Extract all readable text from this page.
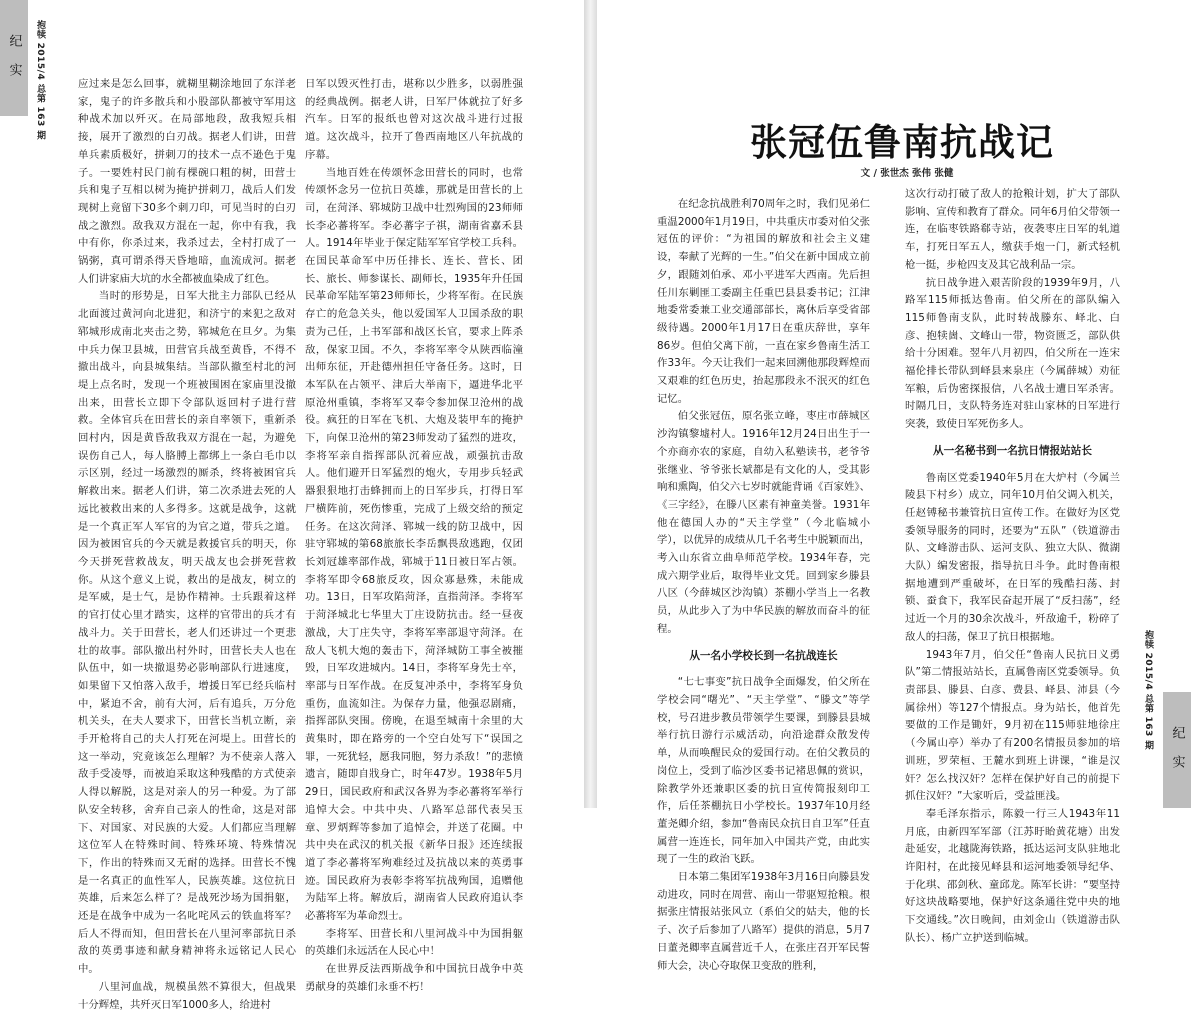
纪 实	抱犊 2015/4 总第 163 期	应过来是怎么回事，就糊里糊涂地回了东洋老家，鬼子的许多散兵和小股部队都被守军用这种战术加以歼灭。在局部地段，敌我短兵相接，展开了激烈的白刃战。据老人们讲，田营单兵素质极好，拼刺刀的技术一点不逊色于鬼子。一要姓村民门前有棵碗口粗的树，田营士兵和鬼子互相以树为掩护拼刺刀，战后人们发现树上竟留下30多个刺刀印，可见当时的白刃战之激烈。敌我双方混在一起，你中有我，我中有你，你杀过来，我杀过去，全村打成了一锅粥，真可谓杀得天昏地暗，血流成河。据老人们讲家庙大坑的水全都被血染成了红色。

当时的形势是，日军大批主力部队已经从北面渡过黄河向北进犯，和济宁的来犯之敌对郓城形成南北夹击之势，郓城危在旦夕。为集中兵力保卫县城，田营官兵战至黄昏，不得不撤出战斗，向县城集结。当部队撤至村北的河堤上点名时，发现一个班被围困在家庙里没撤出来，田营长立即下令部队返回村子进行营救。全体官兵在田营长的亲自率领下，重新杀回村内，因是黄昏敌我双方混在一起，为避免误伤自己人，每人胳膊上都绑上一条白毛巾以示区别，经过一场激烈的厮杀，终将被困官兵解救出来。据老人们讲，第二次杀进去死的人远比被救出来的人多得多。这就是战争，这就是一个真正军人军官的为官之道，带兵之道。因为被困官兵的今天就是救援官兵的明天，你今天拼死营救战友，明天战友也会拼死营救你。从这个意义上说，救出的是战友，树立的是军威，是士气，是协作精神。士兵跟着这样的官打仗心里才踏实，这样的官带出的兵才有战斗力。关于田营长，老人们还讲过一个更悲壮的故事。部队撤出村外时，田营长夫人也在队伍中，如一块撤退势必影响部队行进速度，如果留下又怕落入敌手，增援日军已经兵临村中，紧迫不舍，前有大河，后有追兵，万分危机关头，在夫人要求下，田营长当机立断，亲手开枪将自己的夫人打死在河堤上。田营长的这一举动，究竟该怎么理解？为不使亲人落入敌手受凌辱，而被迫采取这种残酷的方式使亲人得以解脱，这是对亲人的另一种爱。为了部队安全转移，舍弃自己亲人的性命，这是对部下、对国家、对民族的大爱。人们都应当理解这位军人在特殊时间、特殊环境、特殊情况下，作出的特殊而又无耐的选择。田营长不愧是一名真正的血性军人，民族英雄。这位抗日英雄，后来怎么样了？是战死沙场为国捐躯，还是在战争中成为一名叱咤风云的铁血将军？后人不得而知，但田营长在八里河率部抗日杀敌的英勇事迹和献身精神将永远铭记人民心中。

八里河血战，规模虽然不算很大，但战果十分辉煌，共歼灭日军1000多人，给进村

日军以毁灭性打击，堪称以少胜多，以弱胜强的经典战例。据老人讲，日军尸体就拉了好多汽车。日军的报纸也曾对这次战斗进行过报道。这次战斗，拉开了鲁西南地区八年抗战的序幕。

当地百姓在传颂怀念田营长的同时，也常传颂怀念另一位抗日英雄，那就是田营长的上司，在菏泽、郓城防卫战中壮烈殉国的23师师长李必蕃将军。李必蕃字子祺，湖南省嘉禾县人。1914年毕业于保定陆军军官学校工兵科。在国民革命军中历任排长、连长、营长、团长、旅长、师参谋长、副师长，1935年升任国民革命军陆军第23师师长，少将军衔。在民族存亡的危急关头，他以爱国军人卫国杀敌的职责为己任，上书军部和战区长官，要求上阵杀敌，保家卫国。不久，李将军率令从陕西临潼出师东征，开赴德州担任守备任务。这时，日本军队在占领平、津后大举南下，逼进华北平原沧州重镇，李将军又奉令参加保卫沧州的战役。疯狂的日军在飞机、大炮及装甲车的掩护下，向保卫沧州的第23师发动了猛烈的进攻，李将军亲自指挥部队沉着应战，顽强抗击敌人。他们避开日军猛烈的炮火，专用步兵轻武器狠狠地打击蜂拥而上的日军步兵，打得日军尸横阵前，死伤惨重，完成了上级交给的预定任务。在这次菏泽、郓城一线的防卫战中，因驻守郓城的第68旅旅长李岳飘畏敌逃跑，仅团长刘冠雄率部作战，郓城于11日被日军占领。李将军即令68旅反攻，因众寡悬殊，未能成功。13日，日军攻陷菏泽，直指菏泽。李将军于菏泽城北七华里大丁庄设防抗击。经一昼夜激战，大丁庄失守，李将军率部退守菏泽。在敌人飞机大炮的轰击下，菏泽城防工事全被摧毁，日军攻进城内。14日，李将军身先士卒，率部与日军作战。在反复冲杀中，李将军身负重伤，血流如注。为保存力量，他强忍剧痛，指挥部队突围。傍晚，在退至城南十余里的大黄集时，即在路旁的一个空白处写下“误国之罪，一死犹轻，愿我同胞，努力杀敌！”的悲愤遗言，随即自戕身亡，时年47岁。1938年5月29日，国民政府和武汉各界为李必蕃将军举行追悼大会。中共中央、八路军总部代表吴玉章、罗炳辉等参加了追悼会，并送了花圈。中共中央在武汉的机关报《新华日报》还连续报道了李必蕃将军殉难经过及抗战以来的英勇事迹。国民政府为表彰李将军抗战殉国，追赠他为陆军上将。解放后，湖南省人民政府追认李必蕃将军为革命烈士。

李将军、田营长和八里河战斗中为国捐躯的英雄们永远活在人民心中！

在世界反法西斯战争和中国抗日战争中英勇献身的英雄们永垂不朽！

张冠伍鲁南抗战记
文 / 张世杰 张伟 张健

在纪念抗战胜利70周年之时，我们见弟仁重温2000年1月19日，中共重庆市委对伯父张冠伍的评价：“为祖国的解放和社会主义建设，奉献了光辉的一生。”伯父在新中国成立前夕，跟随刘伯承、邓小平进军大西南。先后担任川东剿匪工委副主任重巴县县委书记；江津地委常委兼工业交通部部长，离休后享受省部级待遇。2000年1月17日在重庆辞世，享年86岁。但伯父离下前，一直在家乡鲁南生活工作33年。今天让我们一起来回溯他那段辉煌而又艰难的红色历史，抬起那段永不泯灭的红色记忆。

伯父张冠伍，原名张立峰，枣庄市薛城区沙沟镇黎墟村人。1916年12月24日出生于一个亦商亦农的家庭，自幼入私塾读书，老爷爷张继业、爷爷张长斌都是有文化的人，受其影响和熏陶，伯父六七岁时就能背诵《百家姓》、《三字经》，在滕八区素有神童美誉。1931年他在德国人办的“天主学堂”（今北临城小学），以优异的成绩从几千名考生中脱颖而出，考入山东省立曲阜师范学校。1934年春，完成六期学业后，取得毕业文凭。回到家乡滕县八区（今薛城区沙沟镇）茶棚小学当上一名教员，从此步入了为中华民族的解放而奋斗的征程。

从一名小学校长到一名抗战连长

“七七事变”抗日战争全面爆发，伯父所在学校会同“曙光”、“天主学堂”、“滕文”等学校，号召进步教员带领学生要课，到滕县县城举行抗日游行示威活动，向沿途群众散发传单，从而唤醒民众的爱国行动。在伯父教员的岗位上，受到了临沙区委书记褚思佩的赏识，除教学外还兼职区委的抗日宣传简报刻印工作，后任茶棚抗日小学校长。1937年10月经董尧卿介绍，参加“鲁南民众抗日自卫军”任直属营一连连长，同年加入中国共产党，由此实现了一生的政治飞跃。

日本第二集团军1938年3月16日向滕县发动进攻，同时在周营、南山一带驱短抢粮。根据张庄情报站张风立（系伯父的姑夫，他的长子、次子后参加了八路军）提供的消息，5月7日董尧卿率直属营近千人，在张庄召开军民誓师大会，决心夺取保卫变敌的胜利，

这次行动打破了敌人的抢粮计划，扩大了部队影响、宣传和教育了群众。同年6月伯父带领一连，在临枣铁路郗寺站，夜袭枣庄日军的轧道车，打死日军五人，缴获手炮一门，新式轻机枪一挺，步枪四支及其它战利品一宗。

抗日战争进入艰苦阶段的1939年9月，八路军115师抵达鲁南。伯父所在的部队编入115师鲁南支队，此时转战滕东、峄北、白彦、抱犊崮、文峰山一带，物资匮乏，部队供给十分困难。翌年八月初四，伯父所在一连宋福伦排长带队到峄县来泉庄（今属薛城）劝征军粮，后伪密探报信，八名战士遭日军杀害。时隔几日，支队特务连对驻山家林的日军进行突袭，致使日军死伤多人。

从一名秘书到一名抗日情报站站长

鲁南区党委1940年5月在大炉村（今属兰陵县下村乡）成立，同年10月伯父调入机关，任赵镈秘书兼管抗日宣传工作。在做好为区党委领导服务的同时，还要为“五队”（铁道游击队、文峰游击队、运河支队、独立大队、微湖大队）编发密报，指导抗日斗争。此时鲁南根据地遭到严重破坏，在日军的残酷扫荡、封锁、蚕食下，我军民奋起开展了“反扫荡”，经过近一个月的30余次战斗，歼敌逾千，粉碎了敌人的扫荡，保卫了抗日根据地。

1943年7月，伯父任“鲁南人民抗日义勇队”第二情报站站长，直属鲁南区党委领导。负责部县、滕县、白彦、费县、峄县、沛县（今属徐州）等127个情报点。身为站长，他首先要做的工作是锄奸，9月初在115师驻地徐庄（今属山亭）举办了有200名情报员参加的培训班，罗荣桓、王麓水到班上讲课，“谁是汉奸？怎么找汉奸？怎样在保护好自己的前提下抓住汉奸？”大家听后，受益匪浅。

奉毛泽东指示，陈毅一行三人1943年11月底，由新四军军部（江苏盱眙黄花塘）出发赴延安，北越陇海铁路，抵达运河支队驻地北许阳村，在此接见峄县和运河地委领导纪华、于化琪、邵剑秋、童邱龙。陈军长讲：“要坚持好这块战略要地，保护好这条通往党中央的地下交通线。”次日晚间，由刘金山（铁道游击队队长）、杨广立护送到临城。

抱犊 2015/4 总第 163 期	纪 实
